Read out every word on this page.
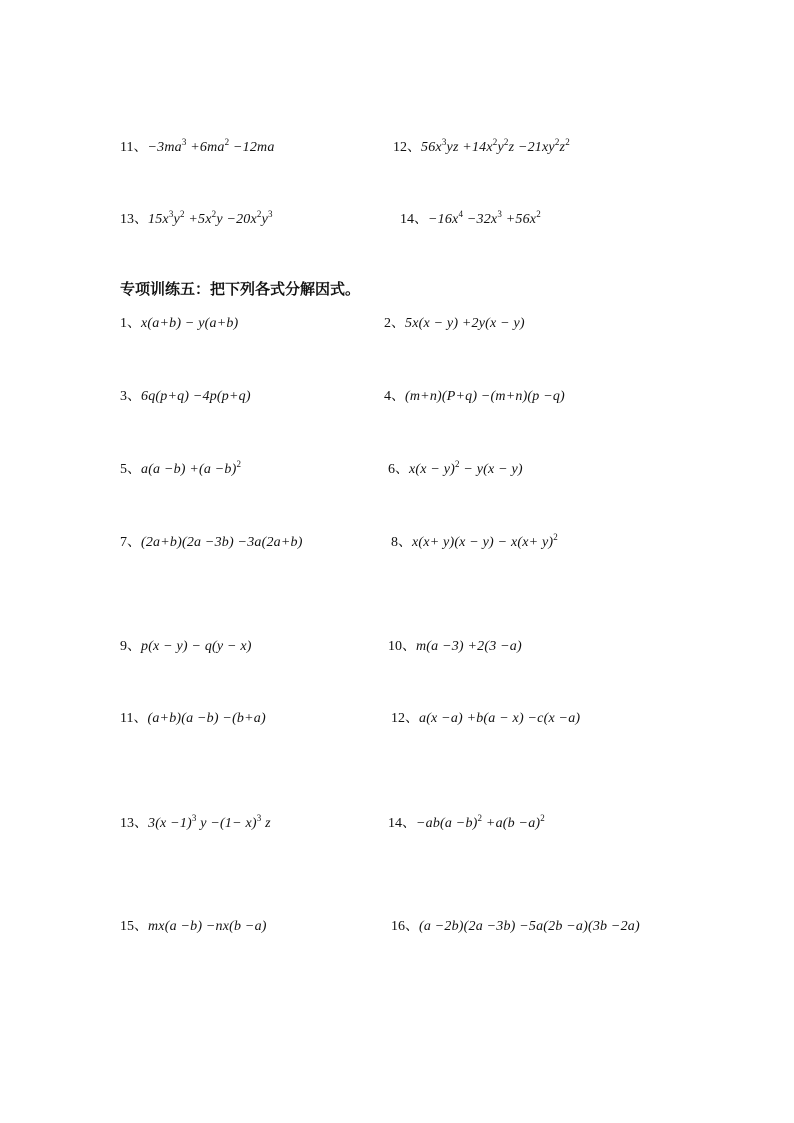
11、$-3ma^3 +6ma^2 -12ma$	12、$56x^3yz +14x^2y^2z -21xy^2z^2$
13、$15x^3y^2 +5x^2y -20x^2y^3$	14、$-16x^4 -32x^3 +56x^2$
专项训练五：把下列各式分解因式。
1、x(a+b) − y(a+b)	2、5x(x − y) +2y(x − y)
3、6q(p+q) −4p(p+q)	4、(m+n)(P+q) −(m+n)(p −q)
5、$a(a -b) +(a -b)^2$	6、$x(x - y)^2 - y(x - y)$
7、(2a+b)(2a −3b) −3a(2a+b)	8、$x(x+ y)(x - y) - x(x+ y)^2$
9、p(x − y) − q(y − x)	10、m(a −3) +2(3 −a)
11、(a+b)(a −b) −(b+a)	12、a(x −a) +b(a − x) −c(x −a)
13、$3(x -1)^3$ $y -(1- x)^3$ z	14、$-ab(a -b)^2 +a(b -a)^2$
15、mx(a −b) −nx(b −a)	16、(a −2b)(2a −3b) −5a(2b −a)(3b −2a)
